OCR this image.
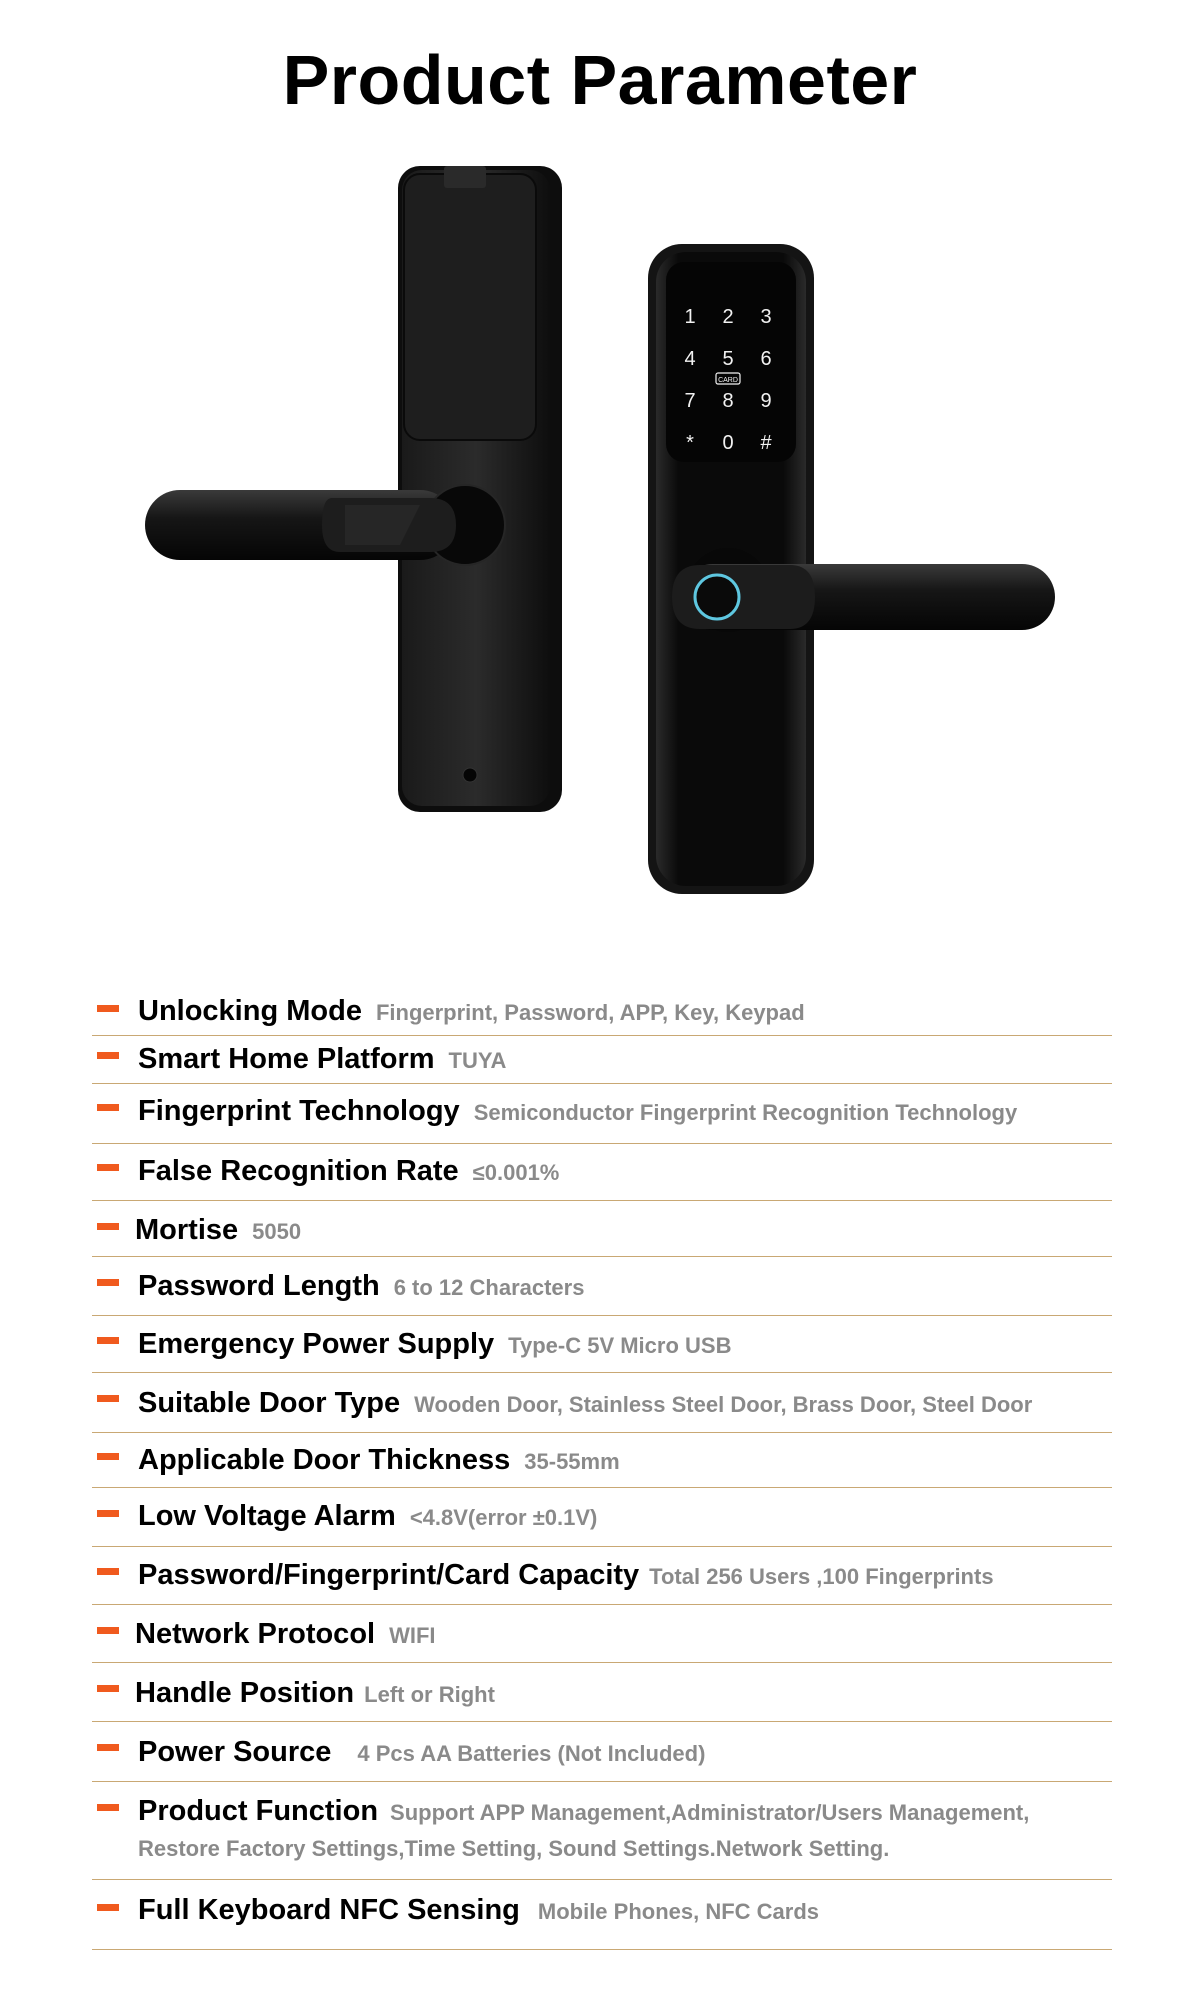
Product Parameter
1 2 3
4 5 6
7 8 9
* 0 #
CARD
Unlocking Mode Fingerprint, Password, APP, Key, Keypad
Smart Home Platform TUYA
Fingerprint Technology Semiconductor Fingerprint Recognition Technology
False Recognition Rate ≤0.001%
Mortise 5050
Password Length 6 to 12 Characters
Emergency Power Supply Type-C 5V Micro USB
Suitable Door Type Wooden Door, Stainless Steel Door, Brass Door, Steel Door
Applicable Door Thickness 35-55mm
Low Voltage Alarm <4.8V(error ±0.1V)
Password/Fingerprint/Card Capacity Total 256 Users ,100 Fingerprints
Network Protocol WIFI
Handle Position Left or Right
Power Source 4 Pcs AA Batteries (Not Included)
Product Function Support APP Management,Administrator/Users Management,
Restore Factory Settings,Time Setting, Sound Settings.Network Setting.
Full Keyboard NFC Sensing Mobile Phones, NFC Cards
